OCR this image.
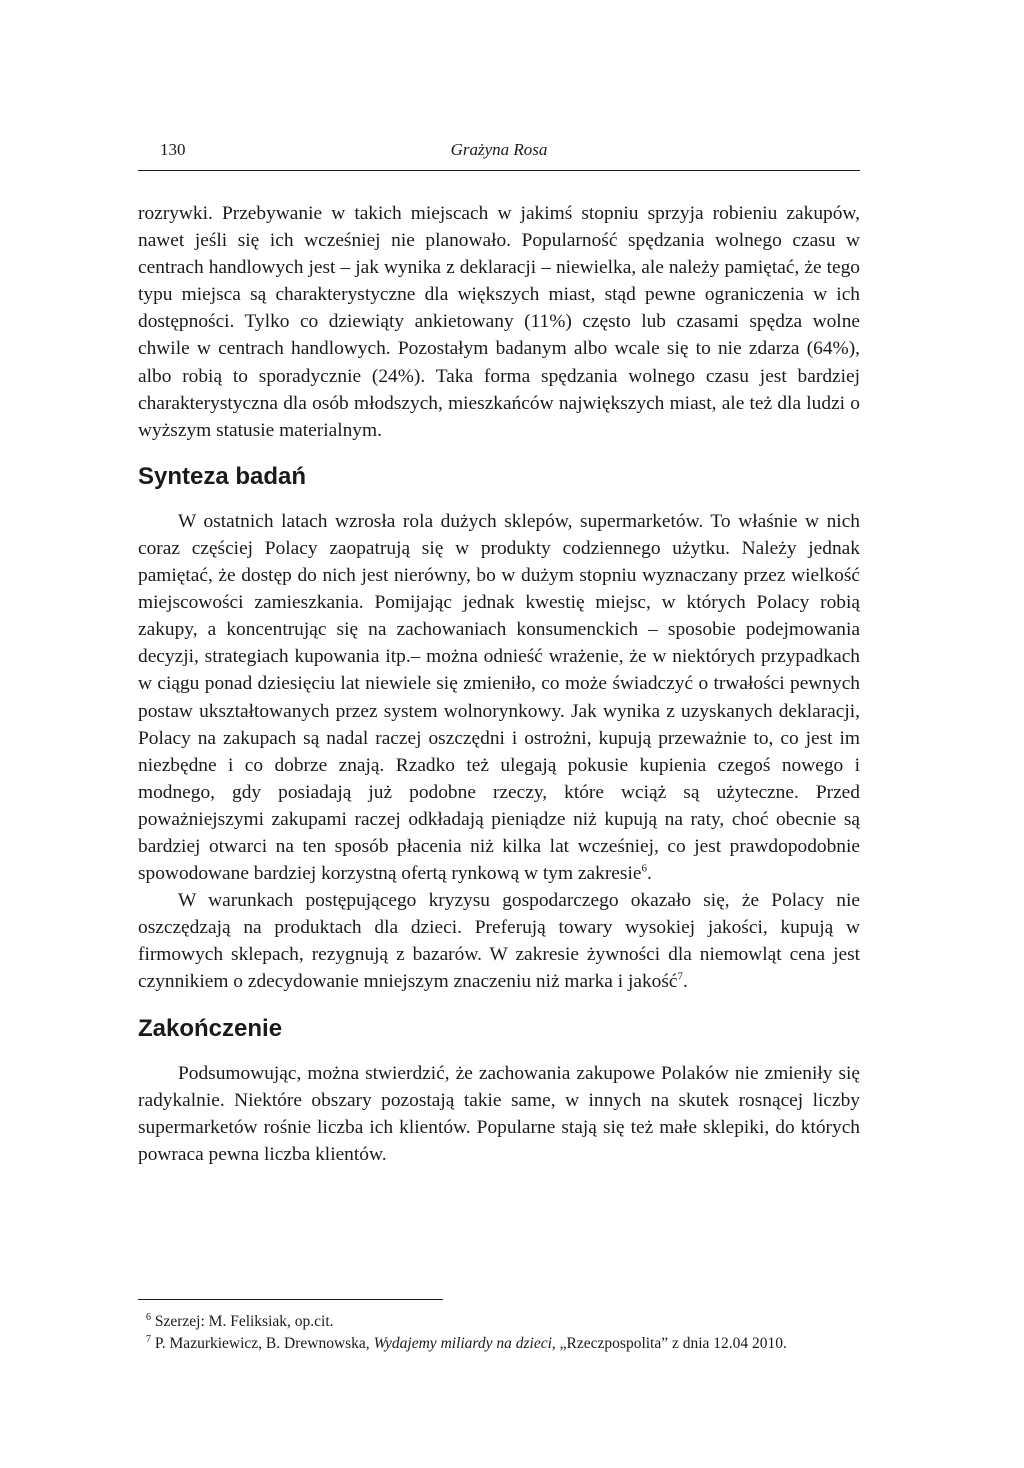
130	Grażyna Rosa

rozrywki. Przebywanie w takich miejscach w jakimś stopniu sprzyja robieniu zakupów, nawet jeśli się ich wcześniej nie planowało. Popularność spędzania wolnego czasu w centrach handlowych jest – jak wynika z deklaracji – niewielka, ale należy pamiętać, że tego typu miejsca są charakterystyczne dla większych miast, stąd pewne ograniczenia w ich dostępności. Tylko co dziewiąty ankietowany (11%) często lub czasami spędza wolne chwile w centrach handlowych. Pozostałym badanym albo wcale się to nie zdarza (64%), albo robią to sporadycznie (24%). Taka forma spędzania wolnego czasu jest bardziej charakterystyczna dla osób młodszych, mieszkańców największych miast, ale też dla ludzi o wyższym statusie materialnym.

Synteza badań

W ostatnich latach wzrosła rola dużych sklepów, supermarketów. To właśnie w nich coraz częściej Polacy zaopatrują się w produkty codziennego użytku. Należy jednak pamiętać, że dostęp do nich jest nierówny, bo w dużym stopniu wyznaczany przez wielkość miejscowości zamieszkania. Pomijając jednak kwestię miejsc, w których Polacy robią zakupy, a koncentrując się na zachowaniach konsumenckich – sposobie podejmowania decyzji, strategiach kupowania itp.– można odnieść wrażenie, że w niektórych przypadkach w ciągu ponad dziesięciu lat niewiele się zmieniło, co może świadczyć o trwałości pewnych postaw ukształtowanych przez system wolnorynkowy. Jak wynika z uzyskanych deklaracji, Polacy na zakupach są nadal raczej oszczędni i ostrożni, kupują przeważnie to, co jest im niezbędne i co dobrze znają. Rzadko też ulegają pokusie kupienia czegoś nowego i modnego, gdy posiadają już podobne rzeczy, które wciąż są użyteczne. Przed poważniejszymi zakupami raczej odkładają pieniądze niż kupują na raty, choć obecnie są bardziej otwarci na ten sposób płacenia niż kilka lat wcześniej, co jest prawdopodobnie spowodowane bardziej korzystną ofertą rynkową w tym zakresie$^6$.

W warunkach postępującego kryzysu gospodarczego okazało się, że Polacy nie oszczędzają na produktach dla dzieci. Preferują towary wysokiej jakości, kupują w firmowych sklepach, rezygnują z bazarów. W zakresie żywności dla niemowląt cena jest czynnikiem o zdecydowanie mniejszym znaczeniu niż marka i jakość$^7$.

Zakończenie

Podsumowując, można stwierdzić, że zachowania zakupowe Polaków nie zmieniły się radykalnie. Niektóre obszary pozostają takie same, w innych na skutek rosnącej liczby supermarketów rośnie liczba ich klientów. Popularne stają się też małe sklepiki, do których powraca pewna liczba klientów.

$^6$ Szerzej: M. Feliksiak, op.cit.

$^7$ P. Mazurkiewicz, B. Drewnowska, Wydajemy miliardy na dzieci, „Rzeczpospolita” z dnia 12.04 2010.
